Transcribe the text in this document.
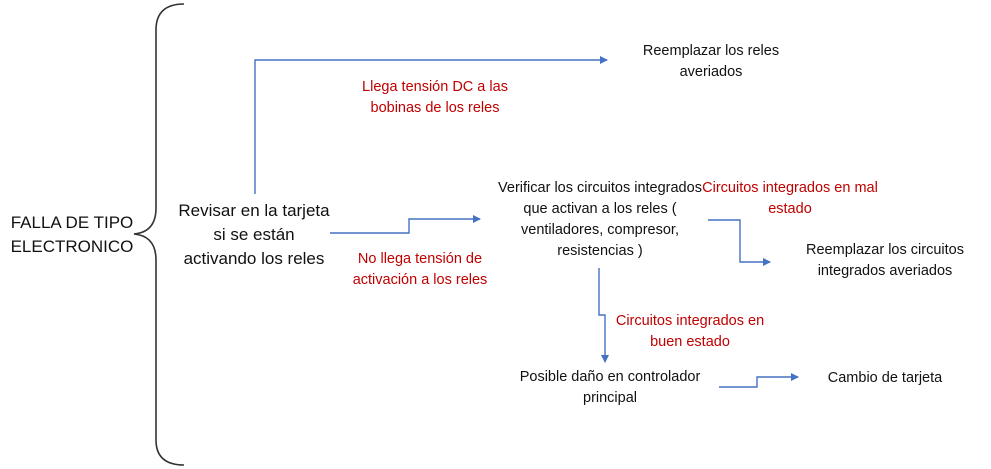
FALLA DE TIPO ELECTRONICO
Revisar en la tarjeta si se están activando los reles
Reemplazar los reles averiados
Llega tensión DC a las bobinas de los reles
Verificar los circuitos integrados que activan a los reles ( ventiladores, compresor, resistencias )
No llega tensión de activación a los reles
Circuitos integrados en mal estado
Reemplazar los circuitos integrados averiados
Circuitos integrados en buen estado
Posible daño en controlador principal
Cambio de tarjeta
